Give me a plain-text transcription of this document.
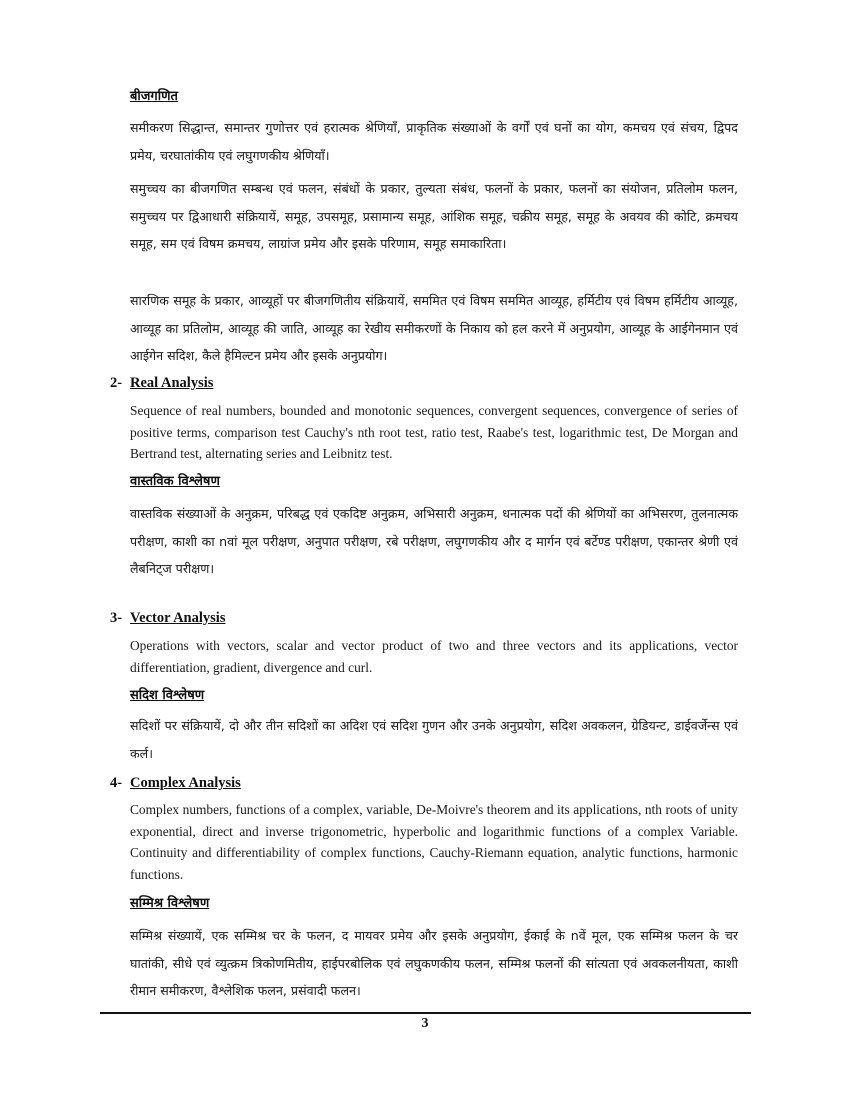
बीजगणित

समीकरण सिद्धान्त, समान्तर गुणोत्तर एवं हरात्मक श्रेणियाँ, प्राकृतिक संख्याओं के वर्गों एवं घनों का योग, कमचय एवं संचय, द्विपद प्रमेय, चरघातांकीय एवं लघुगणकीय श्रेणियाँ।

समुच्चय का बीजगणित सम्बन्ध एवं फलन, संबंधों के प्रकार, तुल्यता संबंध, फलनों के प्रकार, फलनों का संयोजन, प्रतिलोम फलन, समुच्चय पर द्विआधारी संक्रियायें, समूह, उपसमूह, प्रसामान्य समूह, आंशिक समूह, चक्रीय समूह, समूह के अवयव की कोटि, क्रमचय समूह, सम एवं विषम क्रमचय, लाग्रांज प्रमेय और इसके परिणाम, समूह समाकारिता।

सारणिक समूह के प्रकार, आव्यूहों पर बीजगणितीय संक्रियायें, सममित एवं विषम सममित आव्यूह, हर्मिटीय एवं विषम हर्मिटीय आव्यूह, आव्यूह का प्रतिलोम, आव्यूह की जाति, आव्यूह का रेखीय समीकरणों के निकाय को हल करने में अनुप्रयोग, आव्यूह के आईगेनमान एवं आईगेन सदिश, कैले हैमिल्टन प्रमेय और इसके अनुप्रयोग।

2- Real Analysis

Sequence of real numbers, bounded and monotonic sequences, convergent sequences, convergence of series of positive terms, comparison test Cauchy's nth root test, ratio test, Raabe's test, logarithmic test, De Morgan and Bertrand test, alternating series and Leibnitz test.

वास्तविक विश्लेषण

वास्तविक संख्याओं के अनुक्रम, परिबद्ध एवं एकदिष्ट अनुक्रम, अभिसारी अनुक्रम, धनात्मक पदों की श्रेणियों का अभिसरण, तुलनात्मक परीक्षण, काशी का nवां मूल परीक्षण, अनुपात परीक्षण, रबे परीक्षण, लघुगणकीय और द मार्गन एवं बर्टेण्ड परीक्षण, एकान्तर श्रेणी एवं लैबनिट्ज परीक्षण।

3- Vector Analysis

Operations with vectors, scalar and vector product of two and three vectors and its applications, vector differentiation, gradient, divergence and curl.

सदिश विश्लेषण

सदिशों पर संक्रियायें, दो और तीन सदिशों का अदिश एवं सदिश गुणन और उनके अनुप्रयोग, सदिश अवकलन, ग्रेडियन्ट, डाईवर्जेन्स एवं कर्ल।

4- Complex Analysis

Complex numbers, functions of a complex, variable, De-Moivre's theorem and its applications, nth roots of unity exponential, direct and inverse trigonometric, hyperbolic and logarithmic functions of a complex Variable. Continuity and differentiability of complex functions, Cauchy-Riemann equation, analytic functions, harmonic functions.

सम्मिश्र विश्लेषण

सम्मिश्र संख्यायें, एक सम्मिश्र चर के फलन, द मायवर प्रमेय और इसके अनुप्रयोग, ईकाई के nवें मूल, एक सम्मिश्र फलन के चर घातांकी, सीधे एवं व्युत्क्रम त्रिकोणमितीय, हाईपरबोलिक एवं लघुकणकीय फलन, सम्मिश्र फलनों की सांत्यता एवं अवकलनीयता, काशी रीमान समीकरण, वैश्लेशिक फलन, प्रसंवादी फलन।

3
